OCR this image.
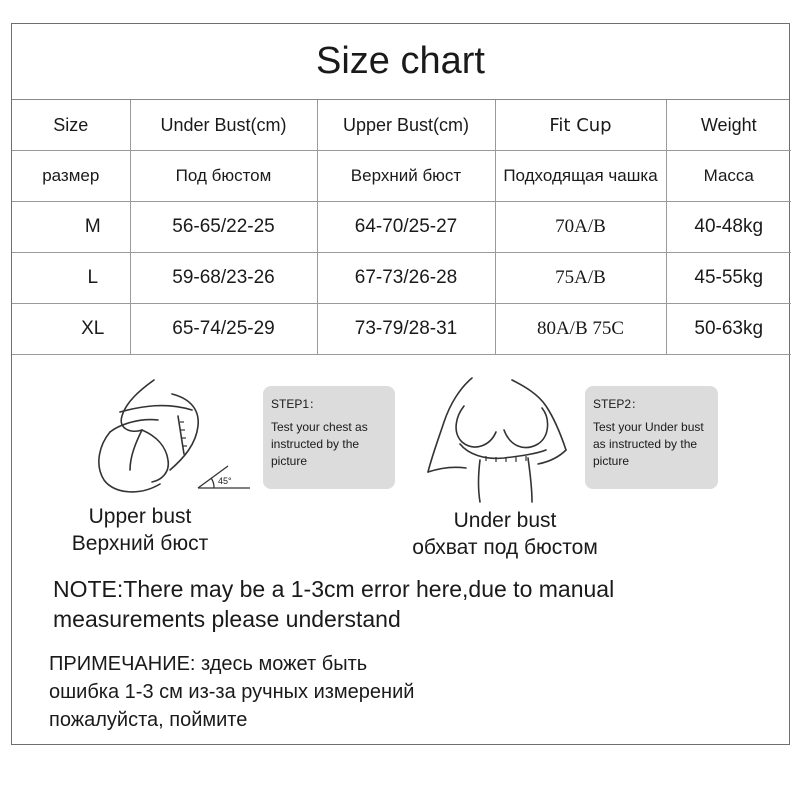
Size chart
Size	Under Bust(cm)	Upper Bust(cm)	Fit Cup	Weight
размер	Под бюстом	Верхний бюст	Подходящая чашка	Масса
M	56-65/22-25	64-70/25-27	70A/B	40-48kg
L	59-68/23-26	67-73/26-28	75A/B	45-55kg
XL	65-74/25-29	73-79/28-31	80A/B 75C	50-63kg
45°
STEP1：
Test your chest as instructed by the picture
STEP2：
Test your Under bust as instructed by the picture
Upper bust
Верхний бюст
Under bust
обхват под бюстом
NOTE:There may be a 1-3cm error here,due to manual
measurements please understand
ПРИМЕЧАНИЕ: здесь может быть
ошибка 1-3 см из-за ручных измерений
пожалуйста, поймите
